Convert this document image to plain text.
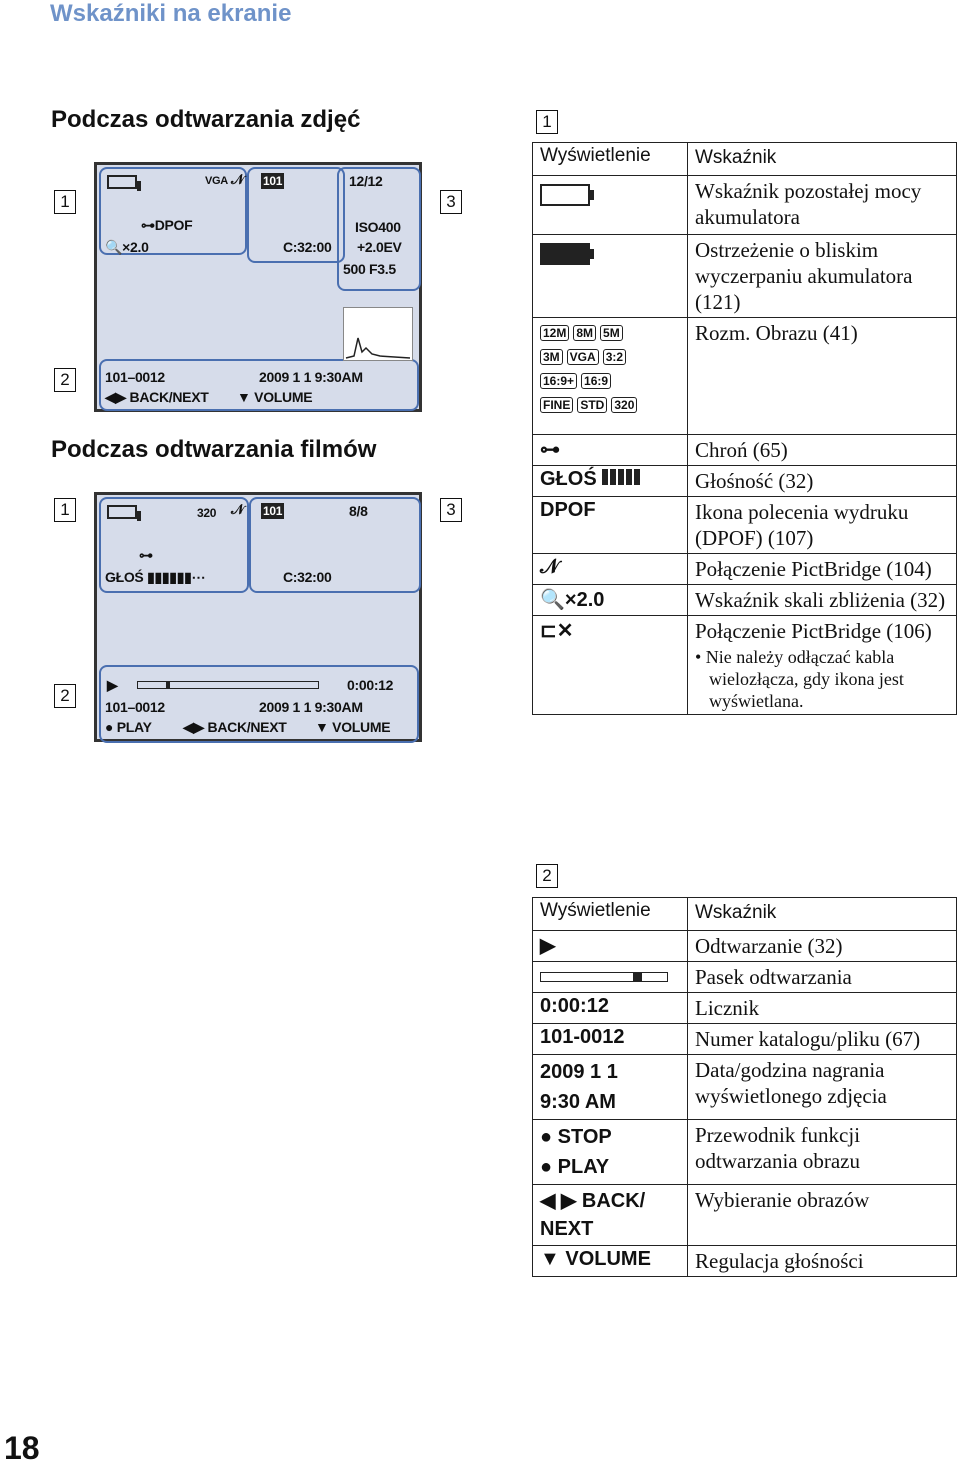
Wskaźniki na ekranie
Podczas odtwarzania zdjęć
1
2
3
VGA 𝒩 101	12/12
⊶DPOF
🔍×2.0
ISO400
+2.0EV
C:32:00
500 F3.5
101–0012	2009 1 1 9:30AM
◀▶ BACK/NEXT ▼ VOLUME
Podczas odtwarzania filmów
1
2
3
320 𝒩 101	8/8
⊶
GŁOŚ ▮▮▮▮▮▮⋯	C:32:00
▶	0:00:12
101–0012	2009 1 1 9:30AM
● PLAY ◀▶ BACK/NEXT ▼ VOLUME
1
Wyświetlenie	Wskaźnik
	Wskaźnik pozostałej mocy akumulatora
	Ostrzeżenie o bliskim wyczerpaniu akumulatora (121)
12M 8M 5M
3M VGA 3:2
16:9+ 16:9
FINE STD 320	Rozm. Obrazu (41)
⊶	Chroń (65)
GŁOŚ	Głośność (32)
DPOF	Ikona polecenia wydruku (DPOF) (107)
𝒩	Połączenie PictBridge (104)
🔍×2.0	Wskaźnik skali zbliżenia (32)
⊏✕	Połączenie PictBridge (106)
• Nie należy odłączać kabla wielozłącza, gdy ikona jest wyświetlana.
2
Wyświetlenie	Wskaźnik
▶	Odtwarzanie (32)

	Pasek odtwarzania
0:00:12	Licznik
101-0012	Numer katalogu/pliku (67)
2009 1 1
9:30 AM	Data/godzina nagrania wyświetlonego zdjęcia
● STOP
● PLAY	Przewodnik funkcji odtwarzania obrazu
◀ ▶ BACK/
NEXT	Wybieranie obrazów
▼ VOLUME	Regulacja głośności
18
